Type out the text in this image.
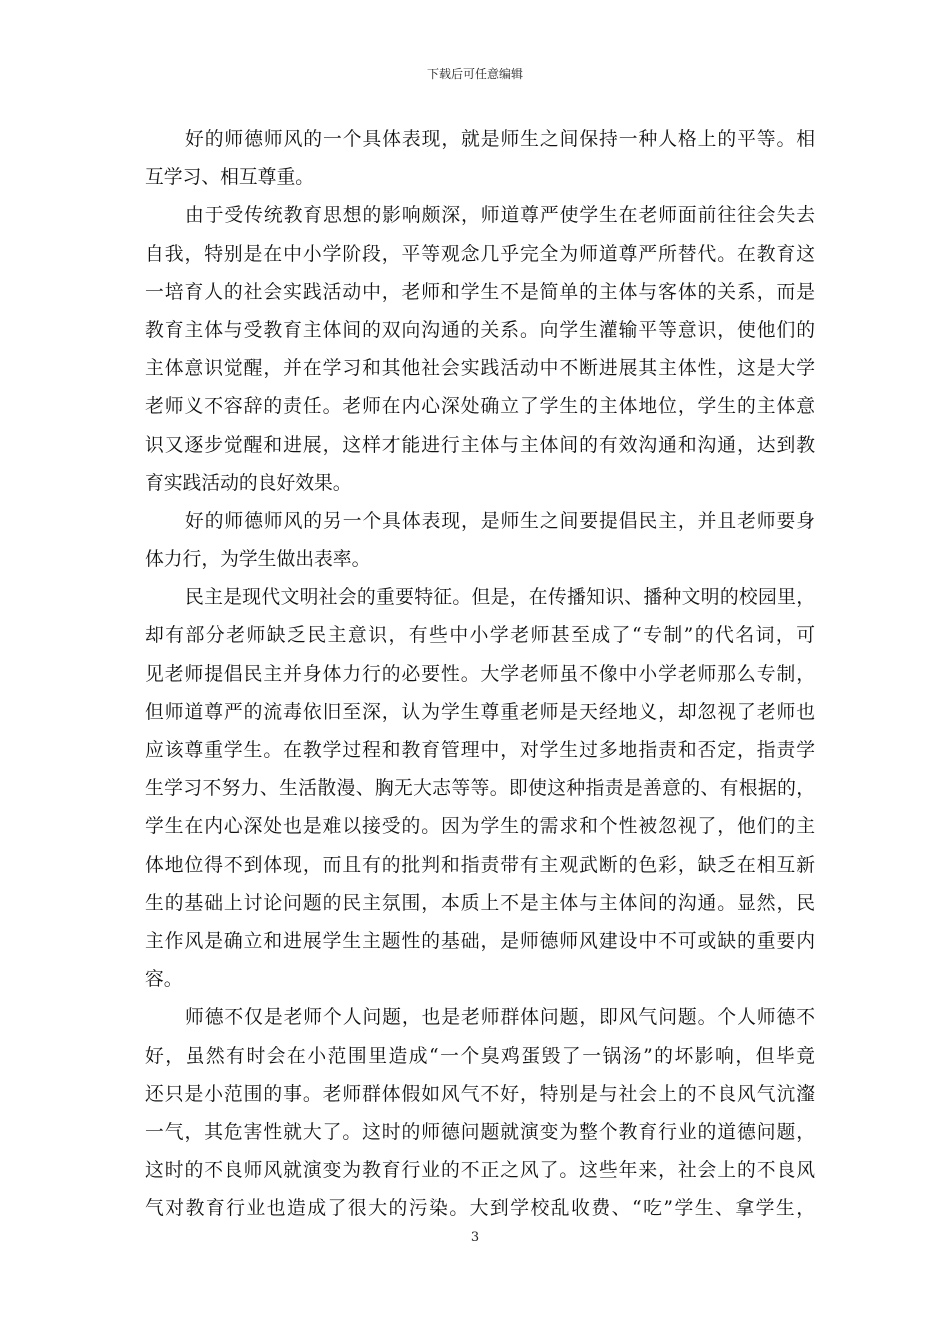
下载后可任意编辑
好的师德师风的一个具体表现，就是师生之间保持一种人格上的平等。相
互学习、相互尊重。
由于受传统教育思想的影响颇深，师道尊严使学生在老师面前往往会失去
自我，特别是在中小学阶段，平等观念几乎完全为师道尊严所替代。在教育这
一培育人的社会实践活动中，老师和学生不是简单的主体与客体的关系，而是
教育主体与受教育主体间的双向沟通的关系。向学生灌输平等意识，使他们的
主体意识觉醒，并在学习和其他社会实践活动中不断进展其主体性，这是大学
老师义不容辞的责任。老师在内心深处确立了学生的主体地位，学生的主体意
识又逐步觉醒和进展，这样才能进行主体与主体间的有效沟通和沟通，达到教
育实践活动的良好效果。
好的师德师风的另一个具体表现，是师生之间要提倡民主，并且老师要身
体力行，为学生做出表率。
民主是现代文明社会的重要特征。但是，在传播知识、播种文明的校园里，
却有部分老师缺乏民主意识，有些中小学老师甚至成了“专制”的代名词，可
见老师提倡民主并身体力行的必要性。大学老师虽不像中小学老师那么专制，
但师道尊严的流毒依旧至深，认为学生尊重老师是天经地义，却忽视了老师也
应该尊重学生。在教学过程和教育管理中，对学生过多地指责和否定，指责学
生学习不努力、生活散漫、胸无大志等等。即使这种指责是善意的、有根据的，
学生在内心深处也是难以接受的。因为学生的需求和个性被忽视了，他们的主
体地位得不到体现，而且有的批判和指责带有主观武断的色彩，缺乏在相互新
生的基础上讨论问题的民主氛围，本质上不是主体与主体间的沟通。显然，民
主作风是确立和进展学生主题性的基础，是师德师风建设中不可或缺的重要内
容。
师德不仅是老师个人问题，也是老师群体问题，即风气问题。个人师德不
好，虽然有时会在小范围里造成“一个臭鸡蛋毁了一锅汤”的坏影响，但毕竟
还只是小范围的事。老师群体假如风气不好，特别是与社会上的不良风气沆瀣
一气，其危害性就大了。这时的师德问题就演变为整个教育行业的道德问题，
这时的不良师风就演变为教育行业的不正之风了。这些年来，社会上的不良风
气对教育行业也造成了很大的污染。大到学校乱收费、“吃”学生、拿学生，
3
